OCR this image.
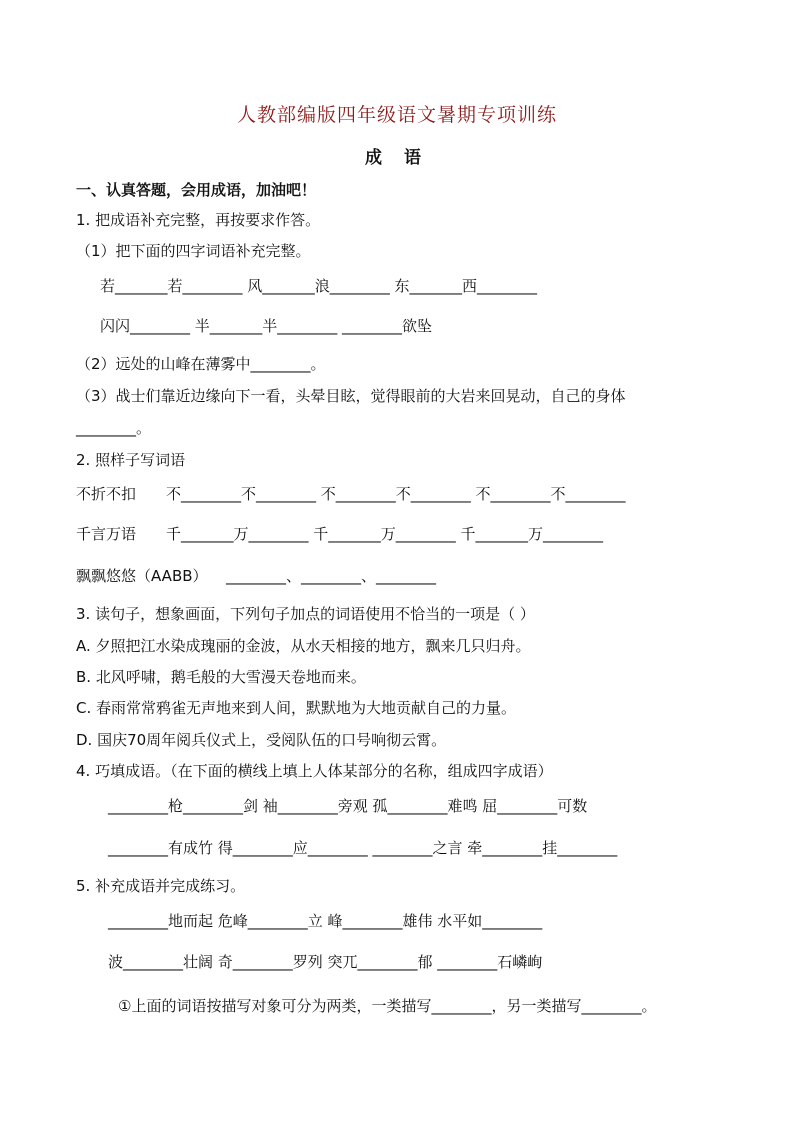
人教部编版四年级语文暑期专项训练
成 语
一、认真答题，会用成语，加油吧！
1. 把成语补充完整，再按要求作答。
（1）把下面的四字词语补充完整。
若_______若________ 风_______浪________ 东_______西________
闪闪________ 半_______半________ ________欲坠
（2）远处的山峰在薄雾中________。
（3）战士们靠近边缘向下一看，头晕目眩，觉得眼前的大岩来回晃动，自己的身体
________。
2. 照样子写词语
不折不扣 不________不________ 不________不________ 不________不________
千言万语 千_______万________ 千_______万________ 千_______万________
飘飘悠悠（AABB） ________、________、________
3. 读句子，想象画面，下列句子加点的词语使用不恰当的一项是（ ）
A. 夕照把江水染成瑰丽的金波，从水天相接的地方，飘来几只归舟。
B. 北风呼啸，鹅毛般的大雪漫天卷地而来。
C. 春雨常常鸦雀无声地来到人间，默默地为大地贡献自己的力量。
D. 国庆70周年阅兵仪式上，受阅队伍的口号响彻云霄。
4. 巧填成语。（在下面的横线上填上人体某部分的名称，组成四字成语）
________枪________剑 袖________旁观 孤________难鸣 屈________可数
________有成竹 得________应________ ________之言 牵________挂________
5. 补充成语并完成练习。
________地而起 危峰________立 峰________雄伟 水平如________
波________壮阔 奇________罗列 突兀________郁 ________石嶙峋
①上面的词语按描写对象可分为两类，一类描写________，另一类描写________。
